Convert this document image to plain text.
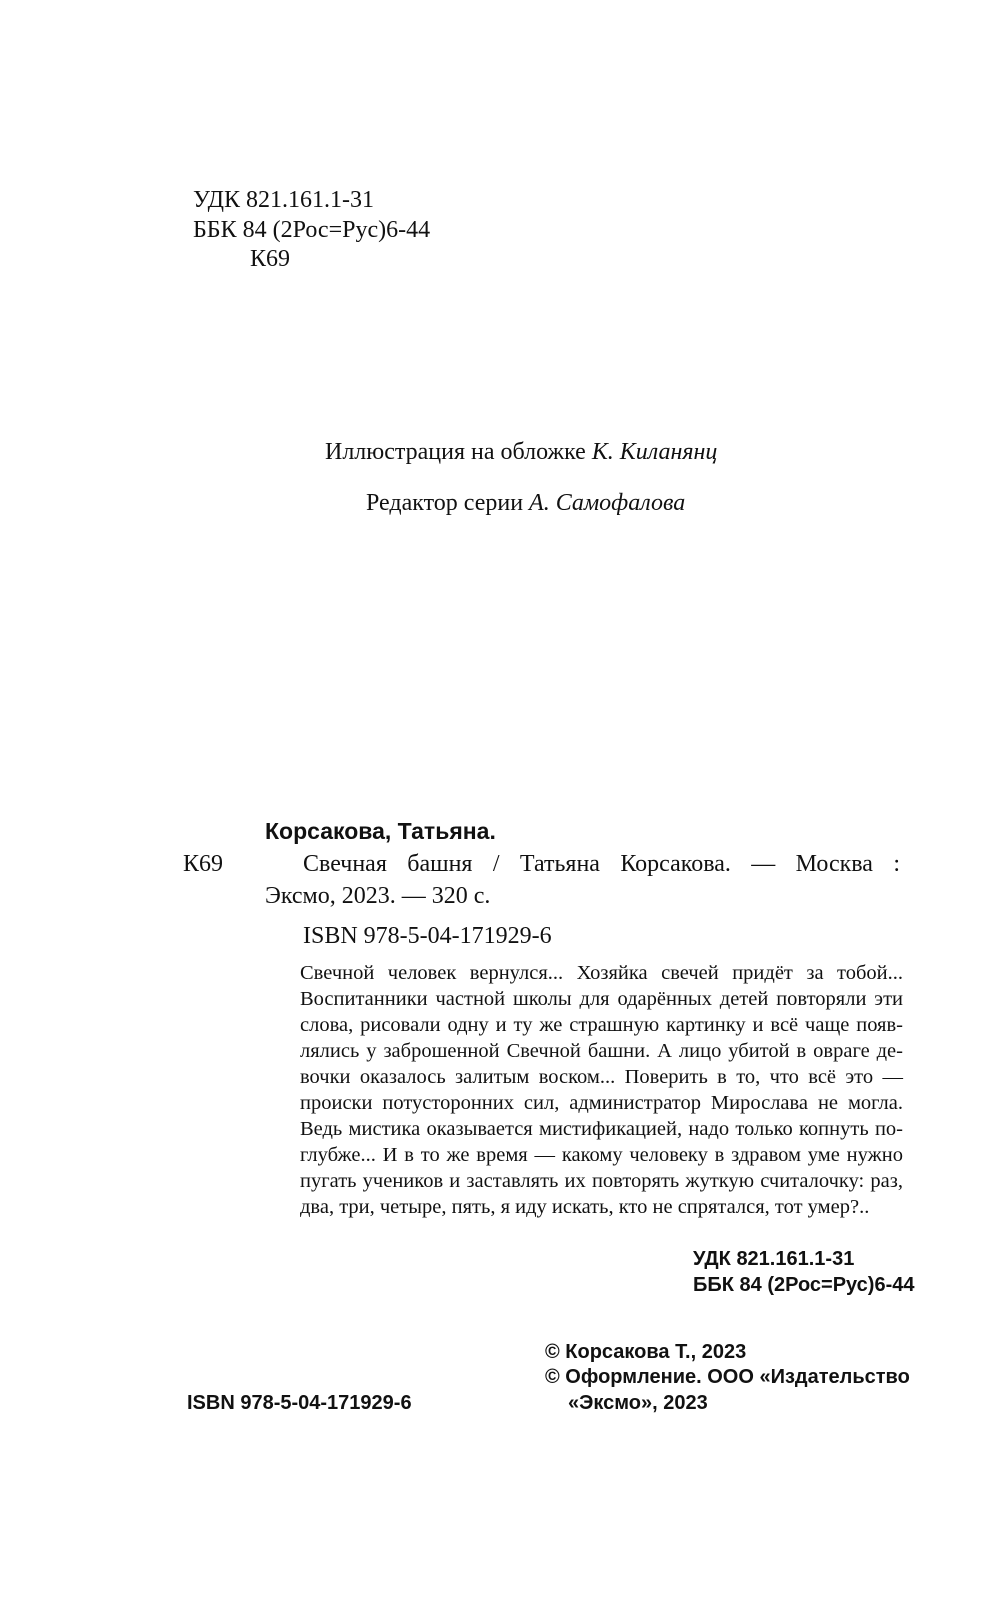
УДК 821.161.1-31
ББК 84 (2Рос=Рус)6-44
К69
Иллюстрация на обложке К. Киланянц
Редактор серии А. Самофалова
Корсакова, Татьяна.
К69	Свечная башня / Татьяна Корсакова. — Москва :
Эксмо, 2023. — 320 с.
ISBN 978-5-04-171929-6
Свечной человек вернулся... Хозяйка свечей придёт за тобой...
Воспитанники частной школы для одарённых детей повторяли эти
слова, рисовали одну и ту же страшную картинку и всё чаще появ-
лялись у заброшенной Свечной башни. А лицо убитой в овраге де-
вочки оказалось залитым воском... Поверить в то, что всё это —
происки потусторонних сил, администратор Мирослава не могла.
Ведь мистика оказывается мистификацией, надо только копнуть по-
глубже... И в то же время — какому человеку в здравом уме нужно
пугать учеников и заставлять их повторять жуткую считалочку: раз,
два, три, четыре, пять, я иду искать, кто не спрятался, тот умер?..
УДК 821.161.1-31
ББК 84 (2Рос=Рус)6-44
© Корсакова Т., 2023
© Оформление. ООО «Издательство
ISBN 978-5-04-171929-6	«Эксмо», 2023
